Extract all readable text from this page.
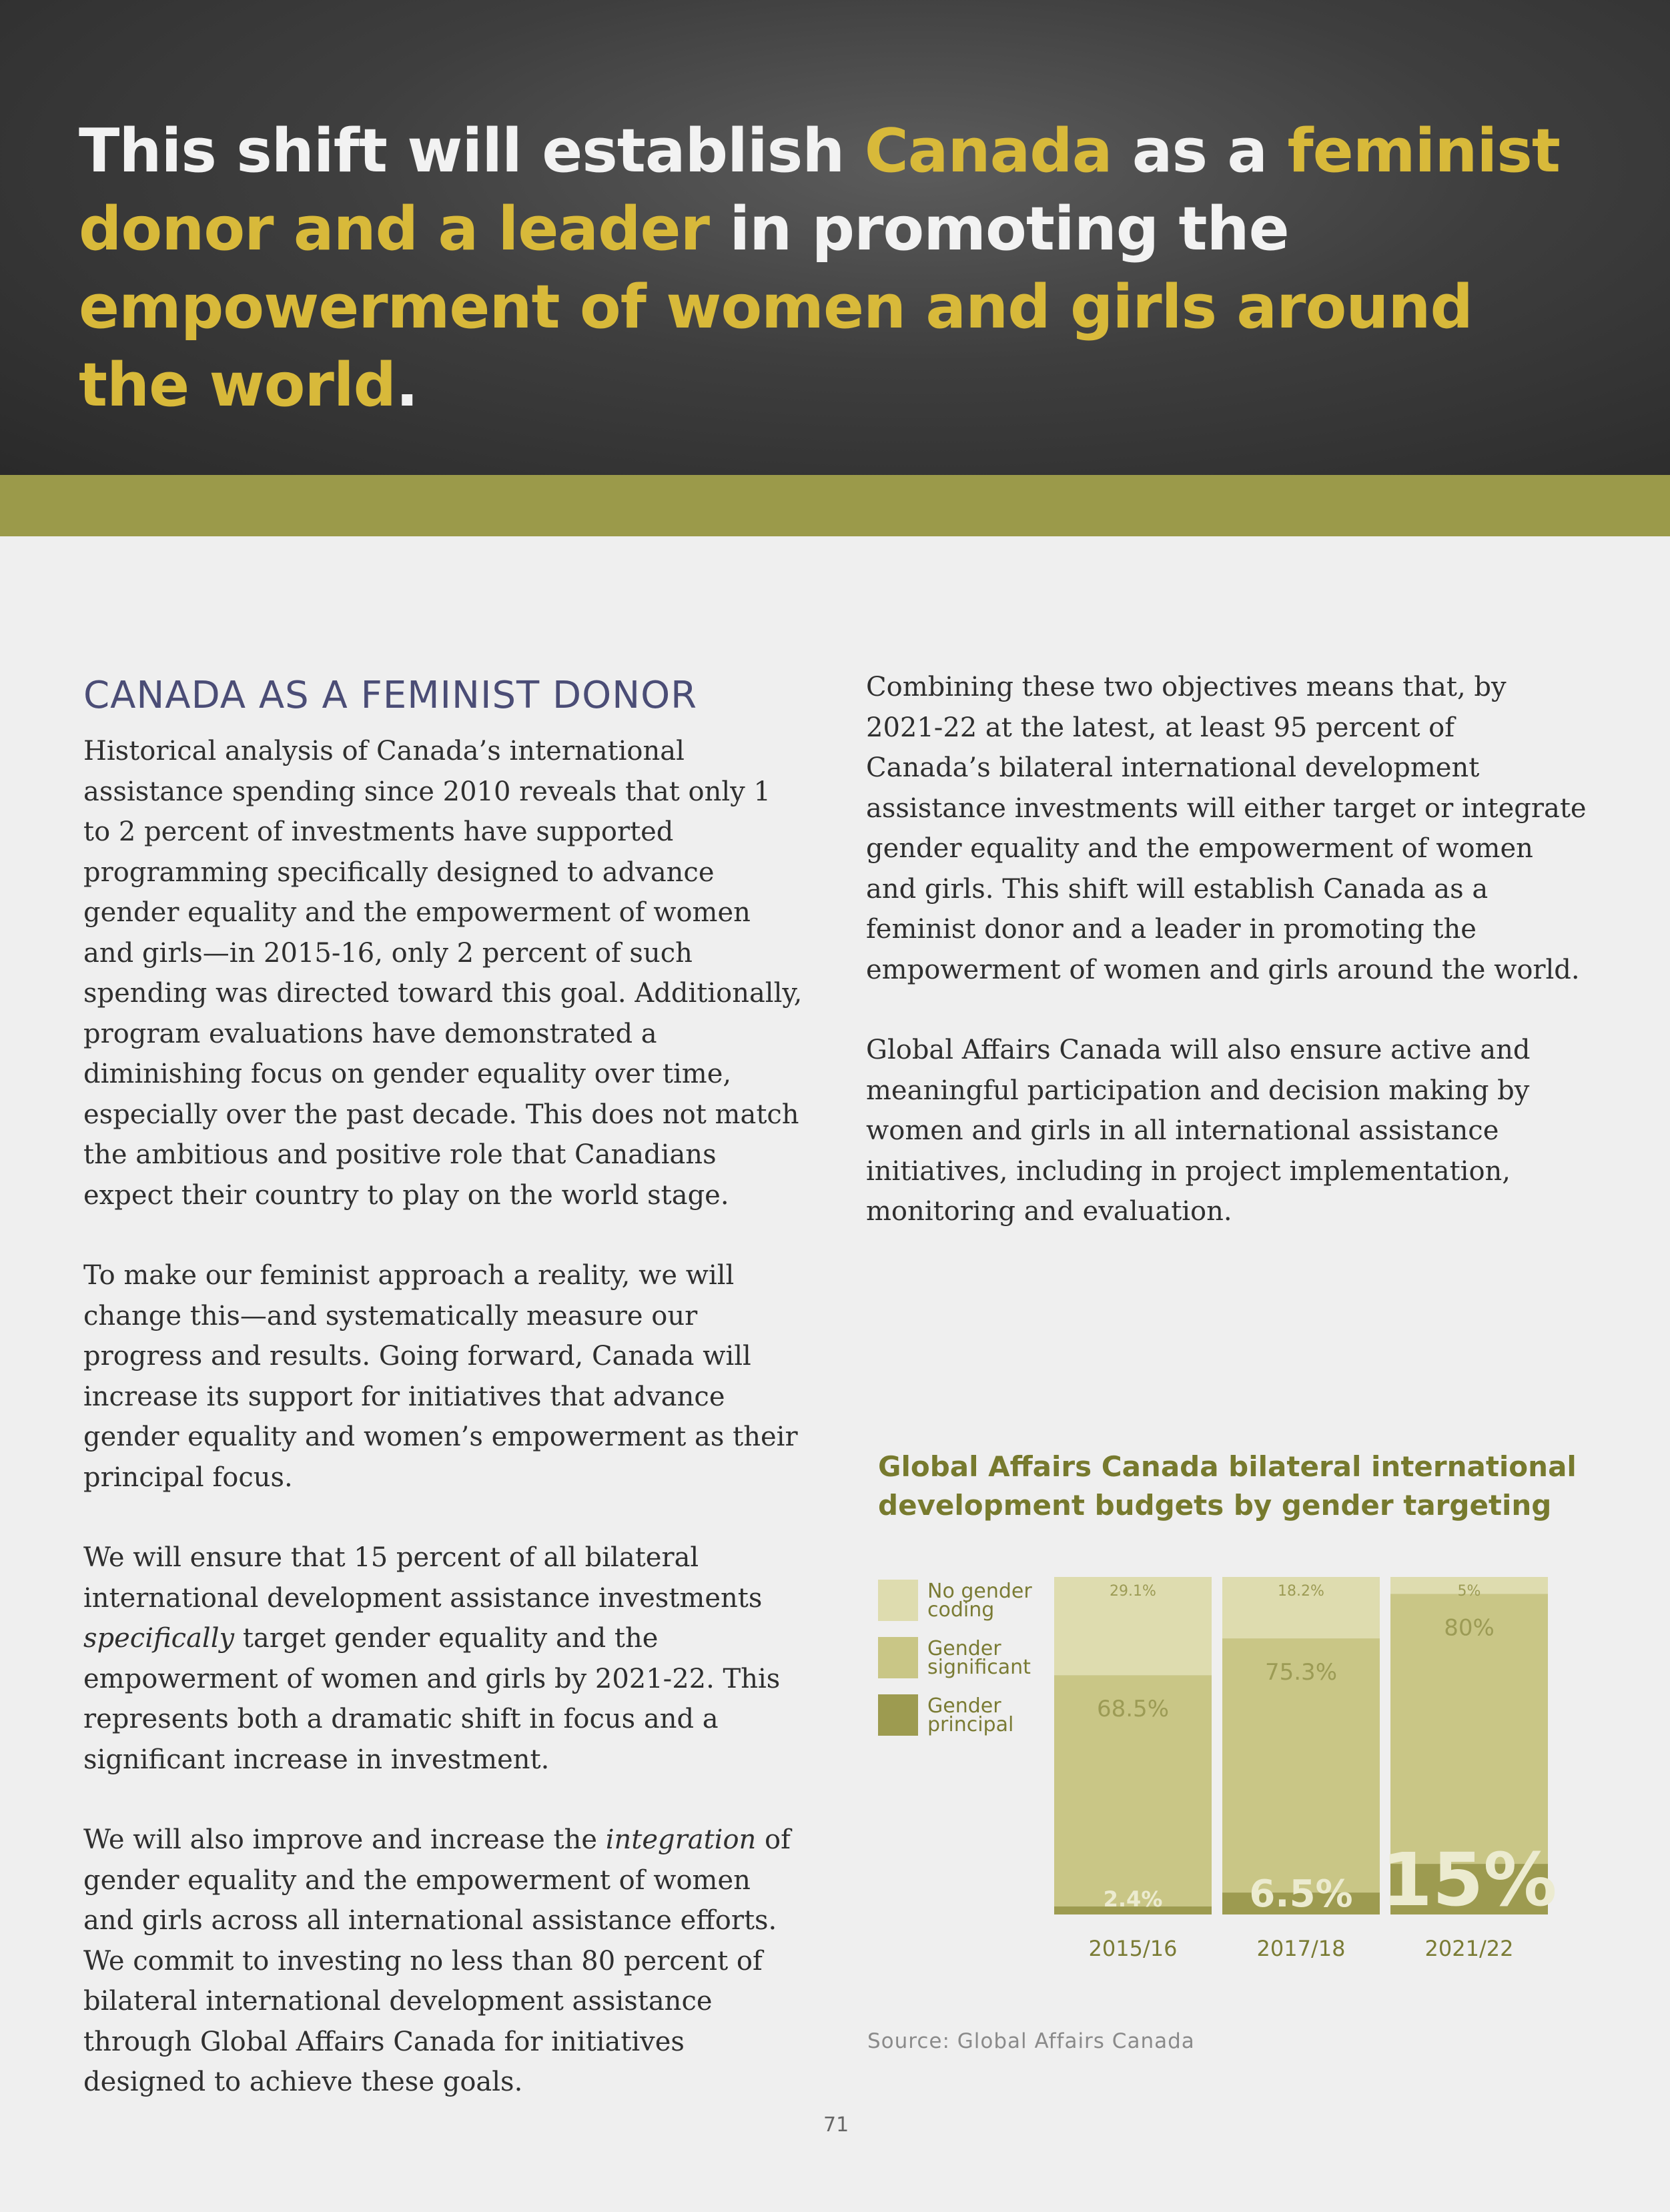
This shift will establish Canada as a feminist donor and a leader in promoting the empowerment of women and girls around the world.
CANADA AS A FEMINIST DONOR

Historical analysis of Canada’s international assistance spending since 2010 reveals that only 1 to 2 percent of investments have supported programming specifically designed to advance gender equality and the empowerment of women and girls—in 2015-16, only 2 percent of such spending was directed toward this goal. Additionally, program evaluations have demonstrated a diminishing focus on gender equality over time, especially over the past decade. This does not match the ambitious and positive role that Canadians expect their country to play on the world stage.

To make our feminist approach a reality, we will change this—and systematically measure our progress and results. Going forward, Canada will increase its support for initiatives that advance gender equality and women’s empowerment as their principal focus.

We will ensure that 15 percent of all bilateral international development assistance investments specifically target gender equality and the empowerment of women and girls by 2021-22. This represents both a dramatic shift in focus and a significant increase in investment.

We will also improve and increase the integration of gender equality and the empowerment of women and girls across all international assistance efforts. We commit to investing no less than 80 percent of bilateral international development assistance through Global Affairs Canada for initiatives designed to achieve these goals.

Combining these two objectives means that, by 2021-22 at the latest, at least 95 percent of Canada’s bilateral international development assistance investments will either target or integrate gender equality and the empowerment of women and girls. This shift will establish Canada as a feminist donor and a leader in promoting the empowerment of women and girls around the world.

Global Affairs Canada will also ensure active and meaningful participation and decision making by women and girls in all international assistance initiatives, including in project implementation, monitoring and evaluation.

Global Affairs Canada bilateral international development budgets by gender targeting
No gender coding
Gender significant
Gender principal
29.1%
68.5%
2.4%
2015/16
18.2%
75.3%
6.5%
2017/18
5%
80%
15%
2021/22
Source: Global Affairs Canada
71
